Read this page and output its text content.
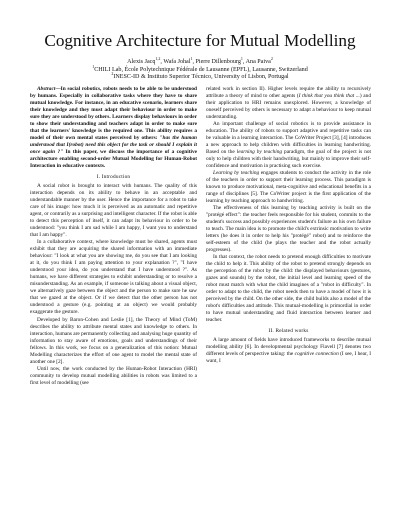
Cognitive Architecture for Mutual Modelling
Alexis Jacq$^{1,2}$, Wafa Johal$^1$, Pierre Dillenbourg$^1$, Ana Paiva$^2$
$^1$CHILI Lab, École Polytechnique Fédérale de Lausanne (EPFL), Lausanne, Switzerland
$^2$INESC-ID & Instituto Superior Técnico, University of Lisbon, Portugal

Abstract—In social robotics, robots needs to be able to be understood by humans. Especially in collaborative tasks where they have to share mutual knowledge. For instance, in an educative scenario, learners share their knowledge and they must adapt their behaviour in order to make sure they are understood by others. Learners display behaviours in order to show their understanding and teachers adapt in order to make sure that the learners' knowledge is the required one. This ability requires a model of their own mental states perceived by others: "has the human understood that I(robot) need this object for the task or should I explain it once again ?" In this paper, we discuss the importance of a cognitive architecture enabling second-order Mutual Modelling for Human-Robot Interaction in educative contexts.

I. Introduction

A social robot is brought to interact with humans. The quality of this interaction depends on its ability to behave in an acceptable and understandable manner by the user. Hence the importance for a robot to take care of his image: how much it is perceived as an automatic and repetitive agent, or contrarily as a surprising and intelligent character. If the robot is able to detect this perception of itself, it can adapt its behaviour in order to be understood: "you think I am sad while I am happy, I want you to understand that I am happy".

In a collaborative context, where knowledge must be shared, agents must exhibit that they are acquiring the shared information with an immediate behaviour: "I look at what you are showing me, do you see that I am looking at it, do you think I am paying attention to your explanation ?", "I have understood your idea, do you understand that I have understood ?". As humans, we have different strategies to exhibit understanding or to resolve a misunderstanding. As an example, if someone is talking about a visual object, we alternatively gaze between the object and the person to make sure he saw that we gazed at the object. Or if we detect that the other person has not understood a gesture (e.g. pointing at an object) we would probably exaggerate the gesture.

Developed by Baron-Cohen and Leslie [1], the Theory of Mind (ToM) describes the ability to attribute mental states and knowledge to others. In interaction, humans are permanently collecting and analysing huge quantity of information to stay aware of emotions, goals and understandings of their fellows. In this work, we focus on a generalization of this notion: Mutual Modelling characterizes the effort of one agent to model the mental state of another one [2].

Until now, the work conducted by the Human-Robot Interaction (HRI) community to develop mutual modelling abilities in robots was limited to a first level of modelling (see

related work in section II). Higher levels require the ability to recursively attribute a theory of mind to other agents (I think that you think that ...) and their application to HRI remains unexplored. However, a knowledge of oneself perceived by others is necessary to adapt a behaviour to keep mutual understanding.

An important challenge of social robotics is to provide assistance in education. The ability of robots to support adaptive and repetitive tasks can be valuable in a learning interaction. The CoWriter Project [3], [4] introduces a new approach to help children with difficulties in learning handwriting. Based on the learning by teaching paradigm, the goal of the project is not only to help children with their handwriting, but mainly to improve their self-confidence and motivation in practising such exercise.

Learning by teaching engages students to conduct the activity in the role of the teachers in order to support their learning process. This paradigm is known to produce motivational, meta-cognitive and educational benefits in a range of disciplines [5]. The CoWriter project is the first application of the learning by teaching approach to handwriting.

The effectiveness of this learning by teaching activity is built on the "protégé effect": the teacher feels responsible for his student, commits to the student's success and possibly experiences student's failure as his own failure to teach. The main idea is to promote the child's extrinsic motivation to write letters (he does it in order to help his "protégé" robot) and to reinforce the self-esteem of the child (he plays the teacher and the robot actually progresses).

In that context, the robot needs to pretend enough difficulties to motivate the child to help it. This ability of the robot to pretend strongly depends on the perception of the robot by the child: the displayed behaviours (gestures, gazes and sounds) by the robot, the initial level and learning speed of the robot must match with what the child imagines of a "robot in difficulty". In order to adapt to the child, the robot needs then to have a model of how it is perceived by the child. On the other side, the child builds also a model of the robot's difficulties and attitude. This mutual-modelling is primordial in order to have mutual understanding and fluid interaction between learner and teacher.

II. Related works

A large amount of fields have introduced frameworks to describe mutual modelling ability [6]. In developmental psychology Flavell [7] denotes two different levels of perspective taking: the cognitive connection (I see, I hear, I want, I
